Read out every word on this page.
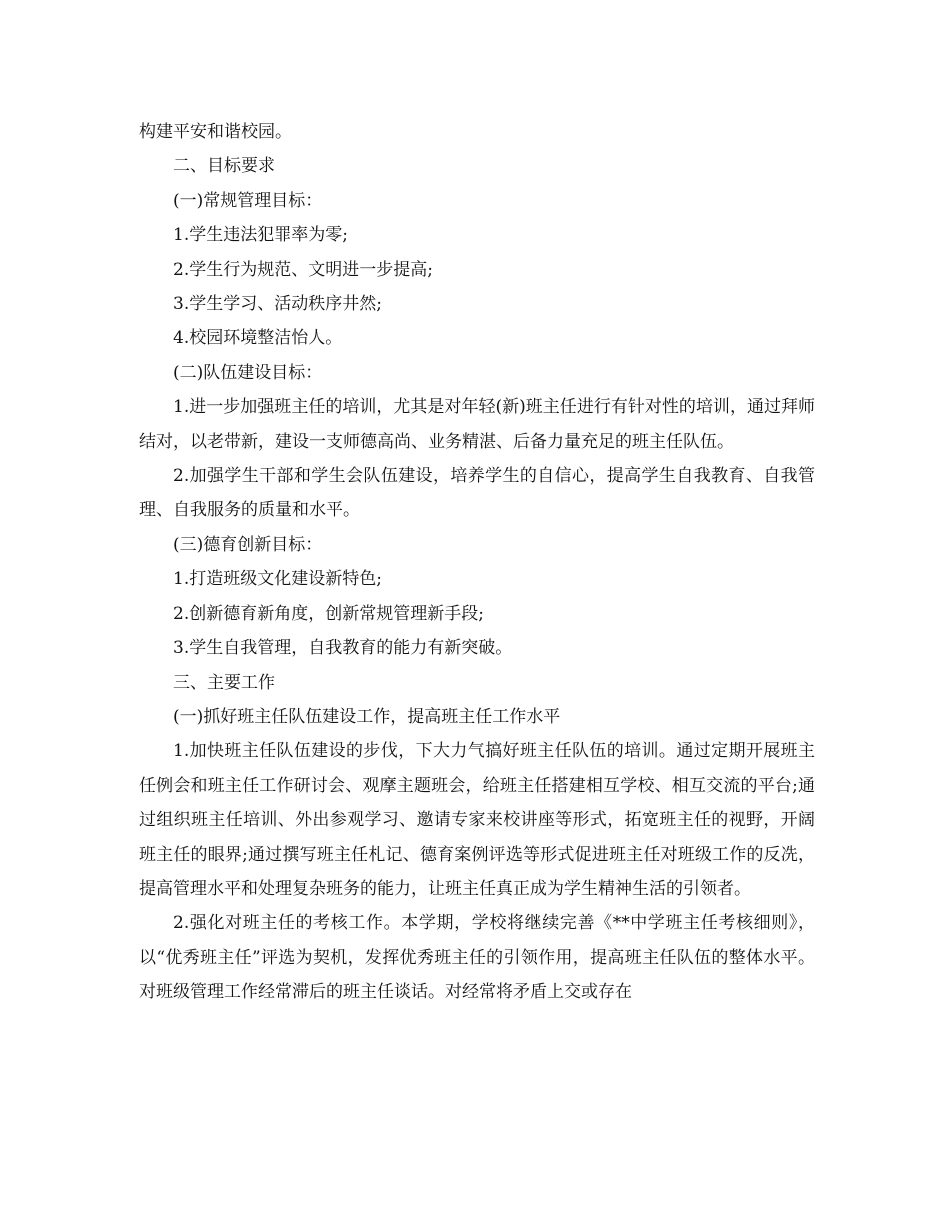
构建平安和谐校园。

二、目标要求

(一)常规管理目标：

1.学生违法犯罪率为零;

2.学生行为规范、文明进一步提高;

3.学生学习、活动秩序井然;

4.校园环境整洁怡人。

(二)队伍建设目标：

1.进一步加强班主任的培训，尤其是对年轻(新)班主任进行有针对性的培训，通过拜师结对，以老带新，建设一支师德高尚、业务精湛、后备力量充足的班主任队伍。

2.加强学生干部和学生会队伍建设，培养学生的自信心，提高学生自我教育、自我管理、自我服务的质量和水平。

(三)德育创新目标：

1.打造班级文化建设新特色;

2.创新德育新角度，创新常规管理新手段;

3.学生自我管理，自我教育的能力有新突破。

三、主要工作

(一)抓好班主任队伍建设工作，提高班主任工作水平

1.加快班主任队伍建设的步伐，下大力气搞好班主任队伍的培训。通过定期开展班主任例会和班主任工作研讨会、观摩主题班会，给班主任搭建相互学校、相互交流的平台;通过组织班主任培训、外出参观学习、邀请专家来校讲座等形式，拓宽班主任的视野，开阔班主任的眼界;通过撰写班主任札记、德育案例评选等形式促进班主任对班级工作的反冼，提高管理水平和处理复杂班务的能力，让班主任真正成为学生精神生活的引领者。

2.强化对班主任的考核工作。本学期，学校将继续完善《**中学班主任考核细则》，以“优秀班主任”评选为契机，发挥优秀班主任的引领作用，提高班主任队伍的整体水平。对班级管理工作经常滞后的班主任谈话。对经常将矛盾上交或存在
